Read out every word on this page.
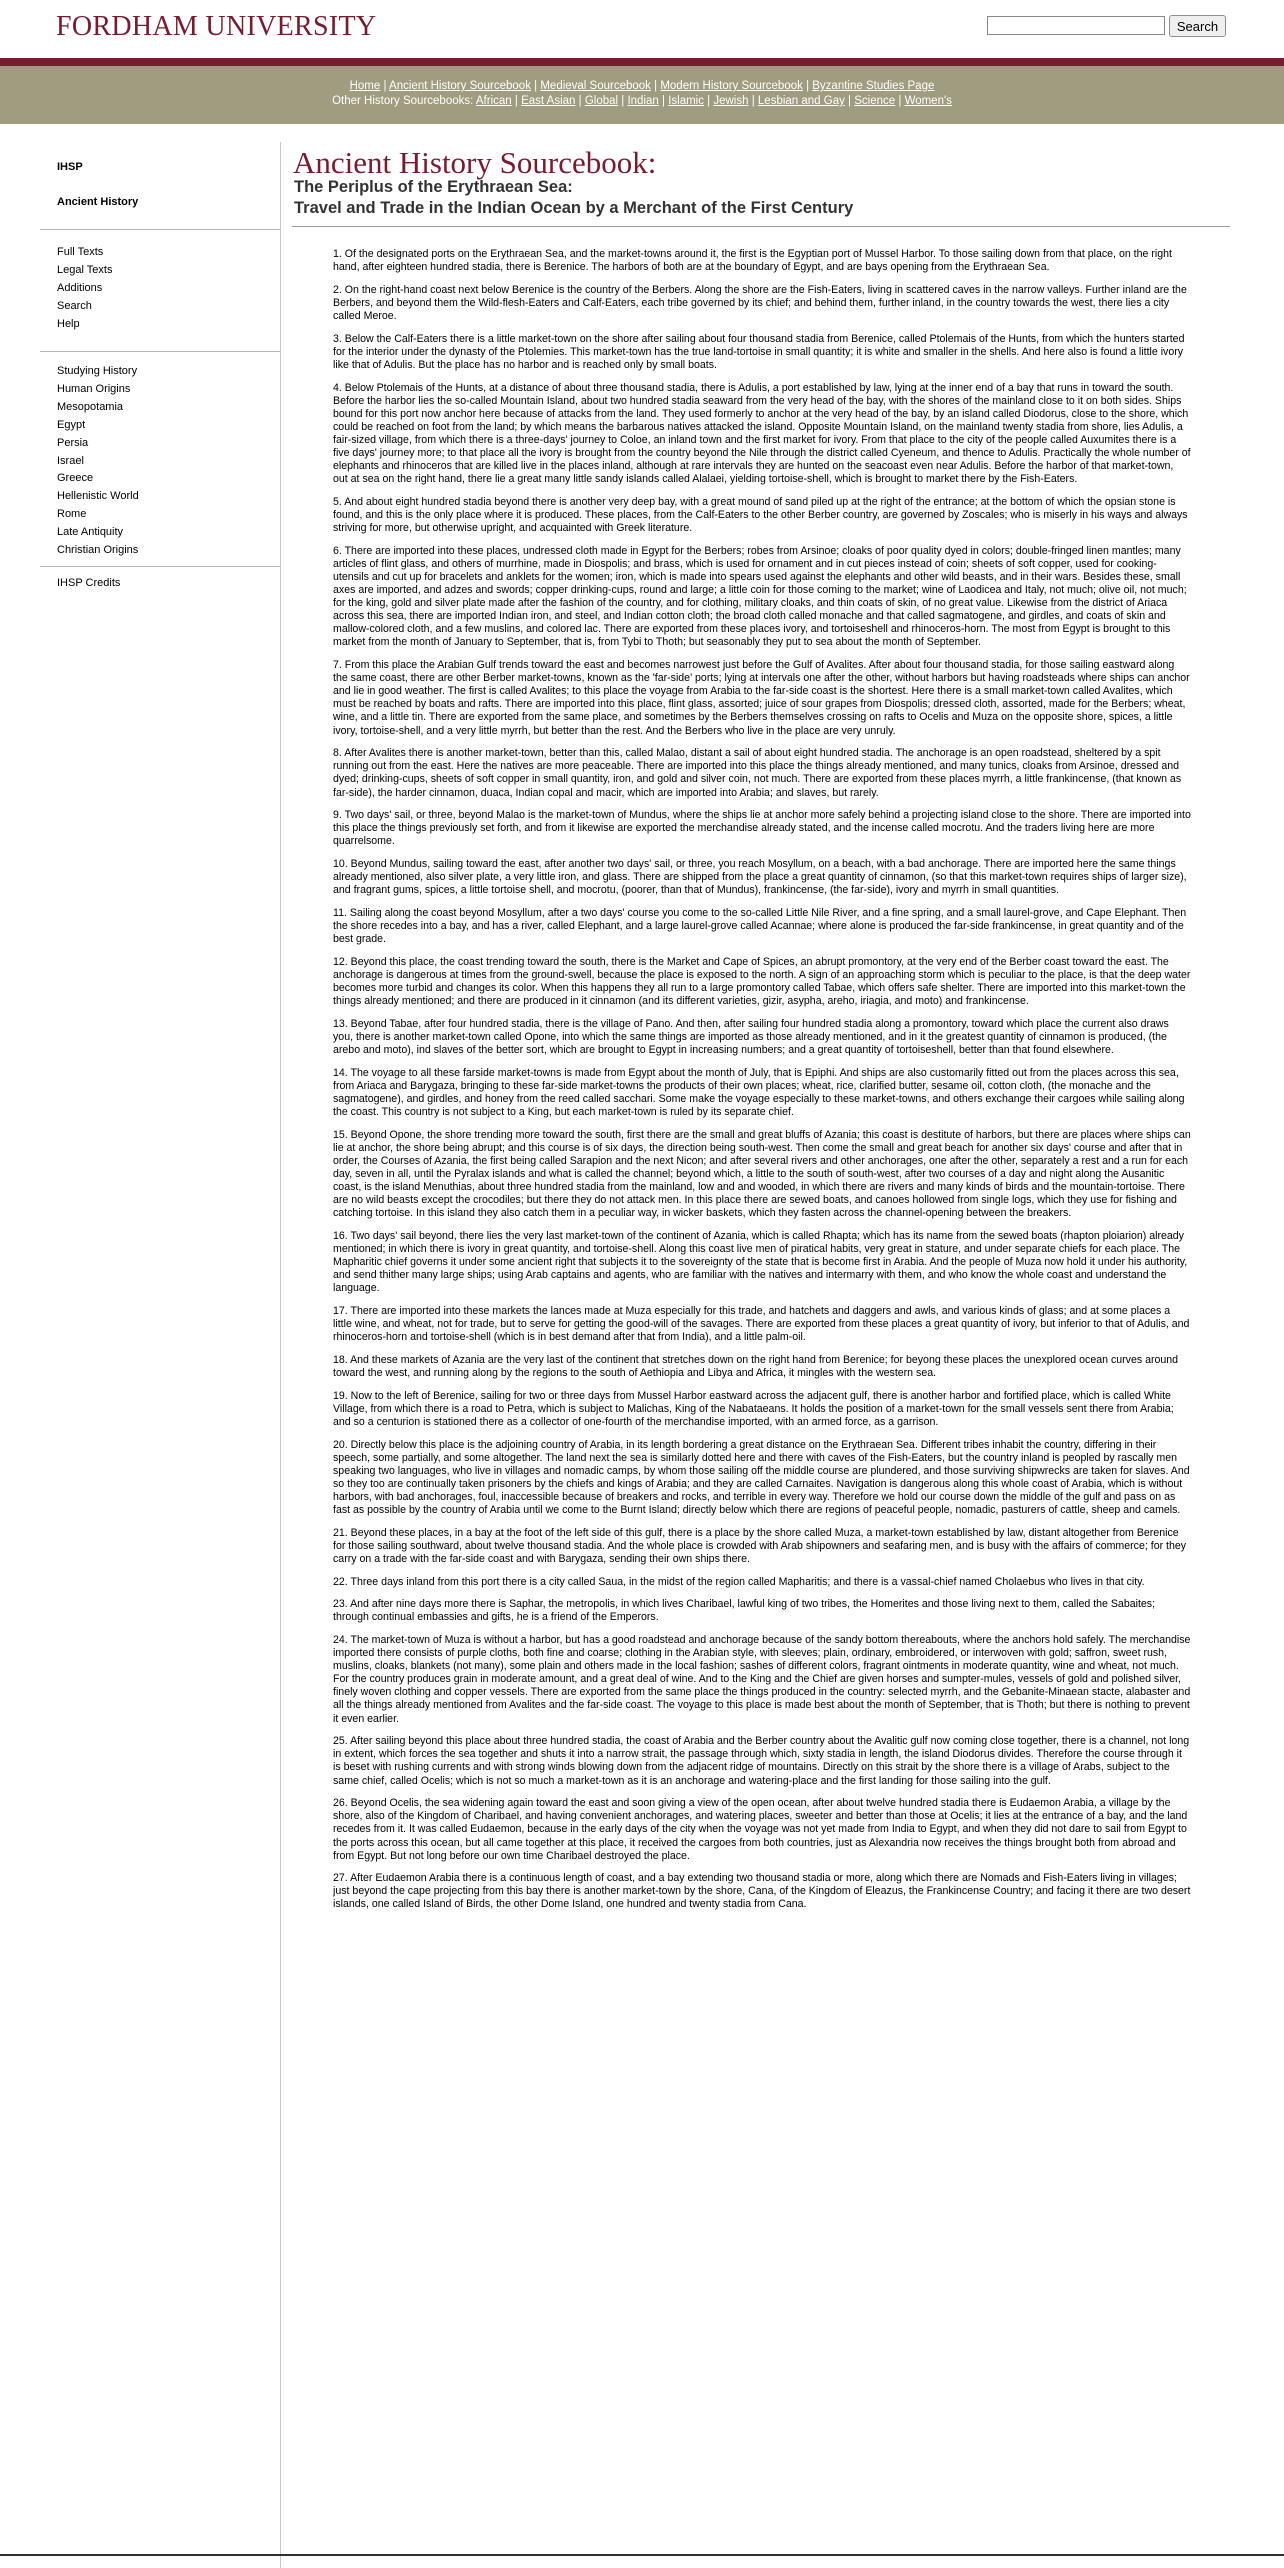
FORDHAM UNIVERSITY	Search
Home | Ancient History Sourcebook | Medieval Sourcebook | Modern History Sourcebook | Byzantine Studies Page
Other History Sourcebooks: African | East Asian | Global | Indian | Islamic | Jewish | Lesbian and Gay | Science | Women's
IHSP
Ancient History
Full Texts
Legal Texts
Additions
Search
Help
Studying History
Human Origins
Mesopotamia
Egypt
Persia
Israel
Greece
Hellenistic World
Rome
Late Antiquity
Christian Origins
IHSP Credits
Ancient History Sourcebook:
The Periplus of the Erythraean Sea:
Travel and Trade in the Indian Ocean by a Merchant of the First Century

1. Of the designated ports on the Erythraean Sea, and the market-towns around it, the first is the Egyptian port of Mussel Harbor. To those sailing down from that place, on the right hand, after eighteen hundred stadia, there is Berenice. The harbors of both are at the boundary of Egypt, and are bays opening from the Erythraean Sea.

2. On the right-hand coast next below Berenice is the country of the Berbers. Along the shore are the Fish-Eaters, living in scattered caves in the narrow valleys. Further inland are the Berbers, and beyond them the Wild-flesh-Eaters and Calf-Eaters, each tribe governed by its chief; and behind them, further inland, in the country towards the west, there lies a city called Meroe.

3. Below the Calf-Eaters there is a little market-town on the shore after sailing about four thousand stadia from Berenice, called Ptolemais of the Hunts, from which the hunters started for the interior under the dynasty of the Ptolemies. This market-town has the true land-tortoise in small quantity; it is white and smaller in the shells. And here also is found a little ivory like that of Adulis. But the place has no harbor and is reached only by small boats.

4. Below Ptolemais of the Hunts, at a distance of about three thousand stadia, there is Adulis, a port established by law, lying at the inner end of a bay that runs in toward the south. Before the harbor lies the so-called Mountain Island, about two hundred stadia seaward from the very head of the bay, with the shores of the mainland close to it on both sides. Ships bound for this port now anchor here because of attacks from the land. They used formerly to anchor at the very head of the bay, by an island called Diodorus, close to the shore, which could be reached on foot from the land; by which means the barbarous natives attacked the island. Opposite Mountain Island, on the mainland twenty stadia from shore, lies Adulis, a fair-sized village, from which there is a three-days' journey to Coloe, an inland town and the first market for ivory. From that place to the city of the people called Auxumites there is a five days' journey more; to that place all the ivory is brought from the country beyond the Nile through the district called Cyeneum, and thence to Adulis. Practically the whole number of elephants and rhinoceros that are killed live in the places inland, although at rare intervals they are hunted on the seacoast even near Adulis. Before the harbor of that market-town, out at sea on the right hand, there lie a great many little sandy islands called Alalaei, yielding tortoise-shell, which is brought to market there by the Fish-Eaters.

5. And about eight hundred stadia beyond there is another very deep bay, with a great mound of sand piled up at the right of the entrance; at the bottom of which the opsian stone is found, and this is the only place where it is produced. These places, from the Calf-Eaters to the other Berber country, are governed by Zoscales; who is miserly in his ways and always striving for more, but otherwise upright, and acquainted with Greek literature.

6. There are imported into these places, undressed cloth made in Egypt for the Berbers; robes from Arsinoe; cloaks of poor quality dyed in colors; double-fringed linen mantles; many articles of flint glass, and others of murrhine, made in Diospolis; and brass, which is used for ornament and in cut pieces instead of coin; sheets of soft copper, used for cooking-utensils and cut up for bracelets and anklets for the women; iron, which is made into spears used against the elephants and other wild beasts, and in their wars. Besides these, small axes are imported, and adzes and swords; copper drinking-cups, round and large; a little coin for those coming to the market; wine of Laodicea and Italy, not much; olive oil, not much; for the king, gold and silver plate made after the fashion of the country, and for clothing, military cloaks, and thin coats of skin, of no great value. Likewise from the district of Ariaca across this sea, there are imported Indian iron, and steel, and Indian cotton cloth; the broad cloth called monache and that called sagmatogene, and girdles, and coats of skin and mallow-colored cloth, and a few muslins, and colored lac. There are exported from these places ivory, and tortoiseshell and rhinoceros-horn. The most from Egypt is brought to this market from the month of January to September, that is, from Tybi to Thoth; but seasonably they put to sea about the month of September.

7. From this place the Arabian Gulf trends toward the east and becomes narrowest just before the Gulf of Avalites. After about four thousand stadia, for those sailing eastward along the same coast, there are other Berber market-towns, known as the 'far-side' ports; lying at intervals one after the other, without harbors but having roadsteads where ships can anchor and lie in good weather. The first is called Avalites; to this place the voyage from Arabia to the far-side coast is the shortest. Here there is a small market-town called Avalites, which must be reached by boats and rafts. There are imported into this place, flint glass, assorted; juice of sour grapes from Diospolis; dressed cloth, assorted, made for the Berbers; wheat, wine, and a little tin. There are exported from the same place, and sometimes by the Berbers themselves crossing on rafts to Ocelis and Muza on the opposite shore, spices, a little ivory, tortoise-shell, and a very little myrrh, but better than the rest. And the Berbers who live in the place are very unruly.

8. After Avalites there is another market-town, better than this, called Malao, distant a sail of about eight hundred stadia. The anchorage is an open roadstead, sheltered by a spit running out from the east. Here the natives are more peaceable. There are imported into this place the things already mentioned, and many tunics, cloaks from Arsinoe, dressed and dyed; drinking-cups, sheets of soft copper in small quantity, iron, and gold and silver coin, not much. There are exported from these places myrrh, a little frankincense, (that known as far-side), the harder cinnamon, duaca, Indian copal and macir, which are imported into Arabia; and slaves, but rarely.

9. Two days' sail, or three, beyond Malao is the market-town of Mundus, where the ships lie at anchor more safely behind a projecting island close to the shore. There are imported into this place the things previously set forth, and from it likewise are exported the merchandise already stated, and the incense called mocrotu. And the traders living here are more quarrelsome.

10. Beyond Mundus, sailing toward the east, after another two days' sail, or three, you reach Mosyllum, on a beach, with a bad anchorage. There are imported here the same things already mentioned, also silver plate, a very little iron, and glass. There are shipped from the place a great quantity of cinnamon, (so that this market-town requires ships of larger size), and fragrant gums, spices, a little tortoise shell, and mocrotu, (poorer, than that of Mundus), frankincense, (the far-side), ivory and myrrh in small quantities.

11. Sailing along the coast beyond Mosyllum, after a two days' course you come to the so-called Little Nile River, and a fine spring, and a small laurel-grove, and Cape Elephant. Then the shore recedes into a bay, and has a river, called Elephant, and a large laurel-grove called Acannae; where alone is produced the far-side frankincense, in great quantity and of the best grade.

12. Beyond this place, the coast trending toward the south, there is the Market and Cape of Spices, an abrupt promontory, at the very end of the Berber coast toward the east. The anchorage is dangerous at times from the ground-swell, because the place is exposed to the north. A sign of an approaching storm which is peculiar to the place, is that the deep water becomes more turbid and changes its color. When this happens they all run to a large promontory called Tabae, which offers safe shelter. There are imported into this market-town the things already mentioned; and there are produced in it cinnamon (and its different varieties, gizir, asypha, areho, iriagia, and moto) and frankincense.

13. Beyond Tabae, after four hundred stadia, there is the village of Pano. And then, after sailing four hundred stadia along a promontory, toward which place the current also draws you, there is another market-town called Opone, into which the same things are imported as those already mentioned, and in it the greatest quantity of cinnamon is produced, (the arebo and moto), ind slaves of the better sort, which are brought to Egypt in increasing numbers; and a great quantity of tortoiseshell, better than that found elsewhere.

14. The voyage to all these farside market-towns is made from Egypt about the month of July, that is Epiphi. And ships are also customarily fitted out from the places across this sea, from Ariaca and Barygaza, bringing to these far-side market-towns the products of their own places; wheat, rice, clarified butter, sesame oil, cotton cloth, (the monache and the sagmatogene), and girdles, and honey from the reed called sacchari. Some make the voyage especially to these market-towns, and others exchange their cargoes while sailing along the coast. This country is not subject to a King, but each market-town is ruled by its separate chief.

15. Beyond Opone, the shore trending more toward the south, first there are the small and great bluffs of Azania; this coast is destitute of harbors, but there are places where ships can lie at anchor, the shore being abrupt; and this course is of six days, the direction being south-west. Then come the small and great beach for another six days' course and after that in order, the Courses of Azania, the first being called Sarapion and the next Nicon; and after several rivers and other anchorages, one after the other, separately a rest and a run for each day, seven in all, until the Pyralax islands and what is called the channel; beyond which, a little to the south of south-west, after two courses of a day and night along the Ausanitic coast, is the island Menuthias, about three hundred stadia from the mainland, low and and wooded, in which there are rivers and many kinds of birds and the mountain-tortoise. There are no wild beasts except the crocodiles; but there they do not attack men. In this place there are sewed boats, and canoes hollowed from single logs, which they use for fishing and catching tortoise. In this island they also catch them in a peculiar way, in wicker baskets, which they fasten across the channel-opening between the breakers.

16. Two days' sail beyond, there lies the very last market-town of the continent of Azania, which is called Rhapta; which has its name from the sewed boats (rhapton ploiarion) already mentioned; in which there is ivory in great quantity, and tortoise-shell. Along this coast live men of piratical habits, very great in stature, and under separate chiefs for each place. The Mapharitic chief governs it under some ancient right that subjects it to the sovereignty of the state that is become first in Arabia. And the people of Muza now hold it under his authority, and send thither many large ships; using Arab captains and agents, who are familiar with the natives and intermarry with them, and who know the whole coast and understand the language.

17. There are imported into these markets the lances made at Muza especially for this trade, and hatchets and daggers and awls, and various kinds of glass; and at some places a little wine, and wheat, not for trade, but to serve for getting the good-will of the savages. There are exported from these places a great quantity of ivory, but inferior to that of Adulis, and rhinoceros-horn and tortoise-shell (which is in best demand after that from India), and a little palm-oil.

18. And these markets of Azania are the very last of the continent that stretches down on the right hand from Berenice; for beyong these places the unexplored ocean curves around toward the west, and running along by the regions to the south of Aethiopia and Libya and Africa, it mingles with the western sea.

19. Now to the left of Berenice, sailing for two or three days from Mussel Harbor eastward across the adjacent gulf, there is another harbor and fortified place, which is called White Village, from which there is a road to Petra, which is subject to Malichas, King of the Nabataeans. It holds the position of a market-town for the small vessels sent there from Arabia; and so a centurion is stationed there as a collector of one-fourth of the merchandise imported, with an armed force, as a garrison.

20. Directly below this place is the adjoining country of Arabia, in its length bordering a great distance on the Erythraean Sea. Different tribes inhabit the country, differing in their speech, some partially, and some altogether. The land next the sea is similarly dotted here and there with caves of the Fish-Eaters, but the country inland is peopled by rascally men speaking two languages, who live in villages and nomadic camps, by whom those sailing off the middle course are plundered, and those surviving shipwrecks are taken for slaves. And so they too are continually taken prisoners by the chiefs and kings of Arabia; and they are called Carnaites. Navigation is dangerous along this whole coast of Arabia, which is without harbors, with bad anchorages, foul, inaccessible because of breakers and rocks, and terrible in every way. Therefore we hold our course down the middle of the gulf and pass on as fast as possible by the country of Arabia until we come to the Burnt Island; directly below which there are regions of peaceful people, nomadic, pasturers of cattle, sheep and camels.

21. Beyond these places, in a bay at the foot of the left side of this gulf, there is a place by the shore called Muza, a market-town established by law, distant altogether from Berenice for those sailing southward, about twelve thousand stadia. And the whole place is crowded with Arab shipowners and seafaring men, and is busy with the affairs of commerce; for they carry on a trade with the far-side coast and with Barygaza, sending their own ships there.

22. Three days inland from this port there is a city called Saua, in the midst of the region called Mapharitis; and there is a vassal-chief named Cholaebus who lives in that city.

23. And after nine days more there is Saphar, the metropolis, in which lives Charibael, lawful king of two tribes, the Homerites and those living next to them, called the Sabaites; through continual embassies and gifts, he is a friend of the Emperors.

24. The market-town of Muza is without a harbor, but has a good roadstead and anchorage because of the sandy bottom thereabouts, where the anchors hold safely. The merchandise imported there consists of purple cloths, both fine and coarse; clothing in the Arabian style, with sleeves; plain, ordinary, embroidered, or interwoven with gold; saffron, sweet rush, muslins, cloaks, blankets (not many), some plain and others made in the local fashion; sashes of different colors, fragrant ointments in moderate quantity, wine and wheat, not much. For the country produces grain in moderate amount, and a great deal of wine. And to the King and the Chief are given horses and sumpter-mules, vessels of gold and polished silver, finely woven clothing and copper vessels. There are exported from the same place the things produced in the country: selected myrrh, and the Gebanite-Minaean stacte, alabaster and all the things already mentioned from Avalites and the far-side coast. The voyage to this place is made best about the month of September, that is Thoth; but there is nothing to prevent it even earlier.

25. After sailing beyond this place about three hundred stadia, the coast of Arabia and the Berber country about the Avalitic gulf now coming close together, there is a channel, not long in extent, which forces the sea together and shuts it into a narrow strait, the passage through which, sixty stadia in length, the island Diodorus divides. Therefore the course through it is beset with rushing currents and with strong winds blowing down from the adjacent ridge of mountains. Directly on this strait by the shore there is a village of Arabs, subject to the same chief, called Ocelis; which is not so much a market-town as it is an anchorage and watering-place and the first landing for those sailing into the gulf.

26. Beyond Ocelis, the sea widening again toward the east and soon giving a view of the open ocean, after about twelve hundred stadia there is Eudaemon Arabia, a village by the shore, also of the Kingdom of Charibael, and having convenient anchorages, and watering places, sweeter and better than those at Ocelis; it lies at the entrance of a bay, and the land recedes from it. It was called Eudaemon, because in the early days of the city when the voyage was not yet made from India to Egypt, and when they did not dare to sail from Egypt to the ports across this ocean, but all came together at this place, it received the cargoes from both countries, just as Alexandria now receives the things brought both from abroad and from Egypt. But not long before our own time Charibael destroyed the place.

27. After Eudaemon Arabia there is a continuous length of coast, and a bay extending two thousand stadia or more, along which there are Nomads and Fish-Eaters living in villages; just beyond the cape projecting from this bay there is another market-town by the shore, Cana, of the Kingdom of Eleazus, the Frankincense Country; and facing it there are two desert islands, one called Island of Birds, the other Dome Island, one hundred and twenty stadia from Cana.
